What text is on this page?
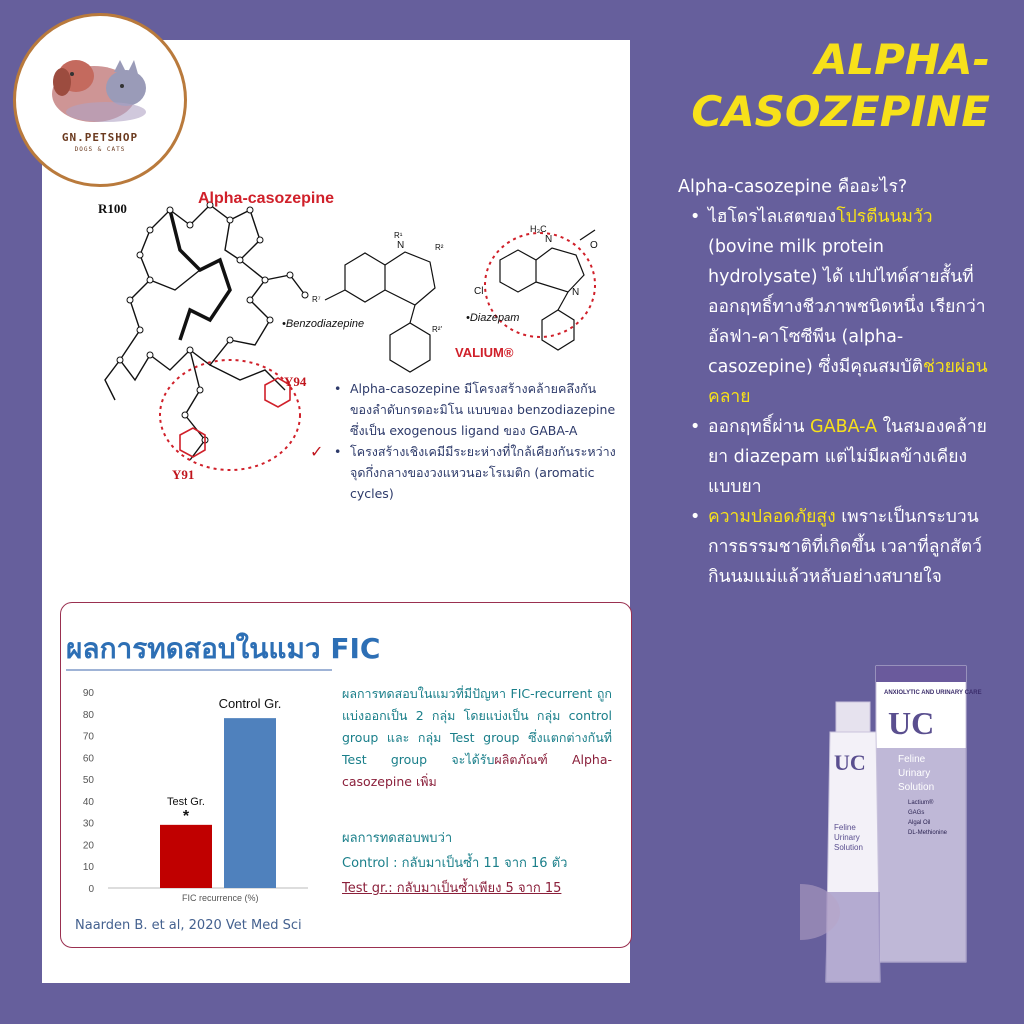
GN.PETSHOP
DOGS & CATS
ALPHA-
CASOZEPINE
Alpha-casozepine คืออะไร?
• ไฮโดรไลเสตของโปรตีนนมวัว (bovine milk protein hydrolysate) ได้ เปปไทด์สายสั้นที่ออกฤทธิ์ทางชีวภาพชนิดหนึ่ง เรียกว่า อัลฟา-คาโซซีพีน (alpha-casozepine) ซึ่งมีคุณสมบัติช่วยผ่อนคลาย
• ออกฤทธิ์ผ่าน GABA-A ในสมองคล้ายยา diazepam แต่ไม่มีผลข้างเคียงแบบยา
• ความปลอดภัยสูง เพราะเป็นกระบวนการธรรมชาติที่เกิดขึ้น เวลาที่ลูกสัตว์กินนมแม่แล้วหลับอย่างสบายใจ
N
R¹
R²
R⁷
R²'
N
H₃C
O
Cl	N
Alpha-casozepine
R100
Y94
Y91
•Benzodiazepine	•Diazepam
VALIUM®
✓
• Alpha-casozepine มีโครงสร้างคล้ายคลึงกันของลำดับกรดอะมิโน แบบของ benzodiazepine ซึ่งเป็น exogenous ligand ของ GABA-A
• โครงสร้างเชิงเคมีมีระยะห่างที่ใกล้เคียงกันระหว่างจุดกึ่งกลางของวงแหวนอะโรเมติก (aromatic cycles)
ผลการทดสอบในแมว FIC
0
10
20
30
40
50
60
70
80
90
Test Gr.
Control Gr.
*
FIC recurrence (%)
Naarden B. et al, 2020 Vet Med Sci
ผลการทดสอบในแมวที่มีปัญหา FIC-recurrent ถูกแบ่งออกเป็น 2 กลุ่ม โดยแบ่งเป็น กลุ่ม control group และ กลุ่ม Test group ซึ่งแตกต่างกันที่ Test group จะได้รับผลิตภัณฑ์ Alpha-casozepine เพิ่ม
ผลการทดสอบพบว่า
Control : กลับมาเป็นซ้ำ 11 จาก 16 ตัว
Test gr.: กลับมาเป็นซ้ำเพียง 5 จาก 15
ANXIOLYTIC AND URINARY CARE
UC
Feline
Urinary
Solution
Lactium®
GAGs
Algal Oil
DL-Methionine
UC
Feline
Urinary
Solution
